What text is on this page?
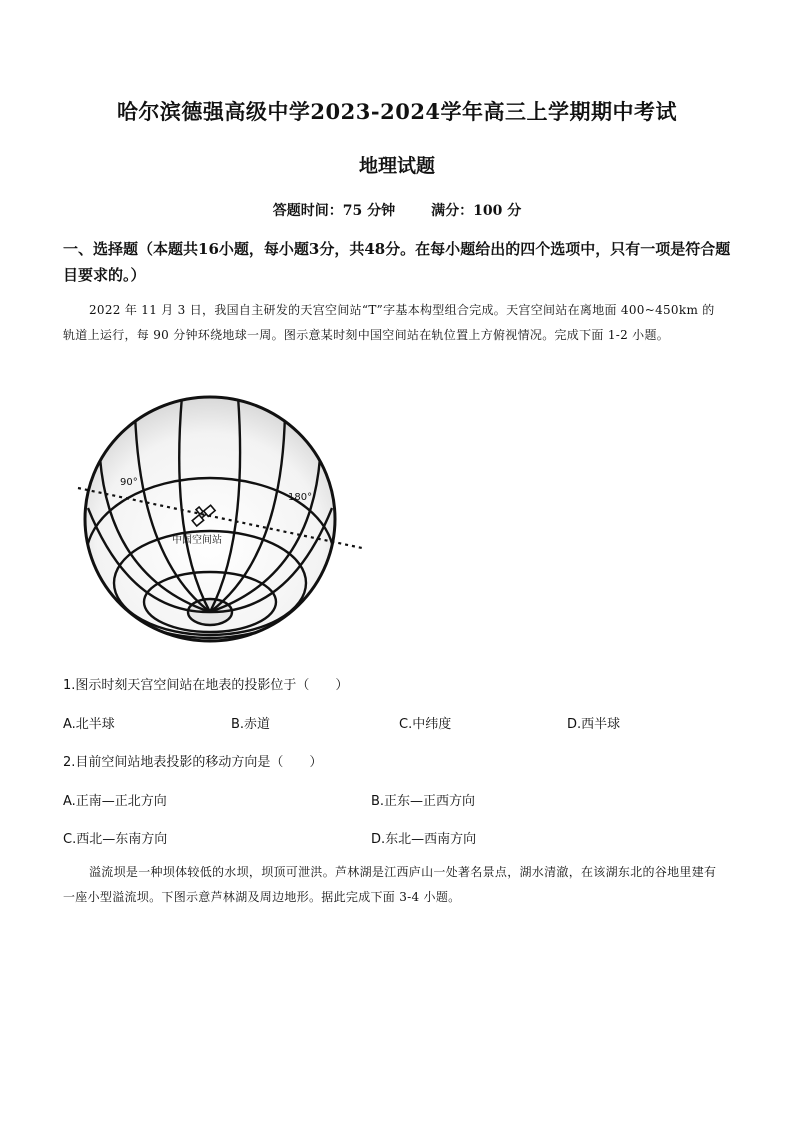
哈尔滨德强高级中学2023-2024学年高三上学期期中考试
地理试题
答题时间：75 分钟	满分：100 分
一、选择题（本题共16小题，每小题3分，共48分。在每小题给出的四个选项中，只有一项是符合题目要求的。）
2022 年 11 月 3 日，我国自主研发的天宫空间站“T”字基本构型组合完成。天宫空间站在离地面 400~450km 的轨道上运行，每 90 分钟环绕地球一周。图示意某时刻中国空间站在轨位置上方俯视情况。完成下面 1-2 小题。
中国空间站
90°
180°
1.图示时刻天宫空间站在地表的投影位于（　　）
A.北半球	B.赤道	C.中纬度	D.西半球
2.目前空间站地表投影的移动方向是（　　）
A.正南—正北方向	B.正东—正西方向
C.西北—东南方向	D.东北—西南方向
溢流坝是一种坝体较低的水坝，坝顶可泄洪。芦林湖是江西庐山一处著名景点，湖水清澈，在该湖东北的谷地里建有一座小型溢流坝。下图示意芦林湖及周边地形。据此完成下面 3-4 小题。
